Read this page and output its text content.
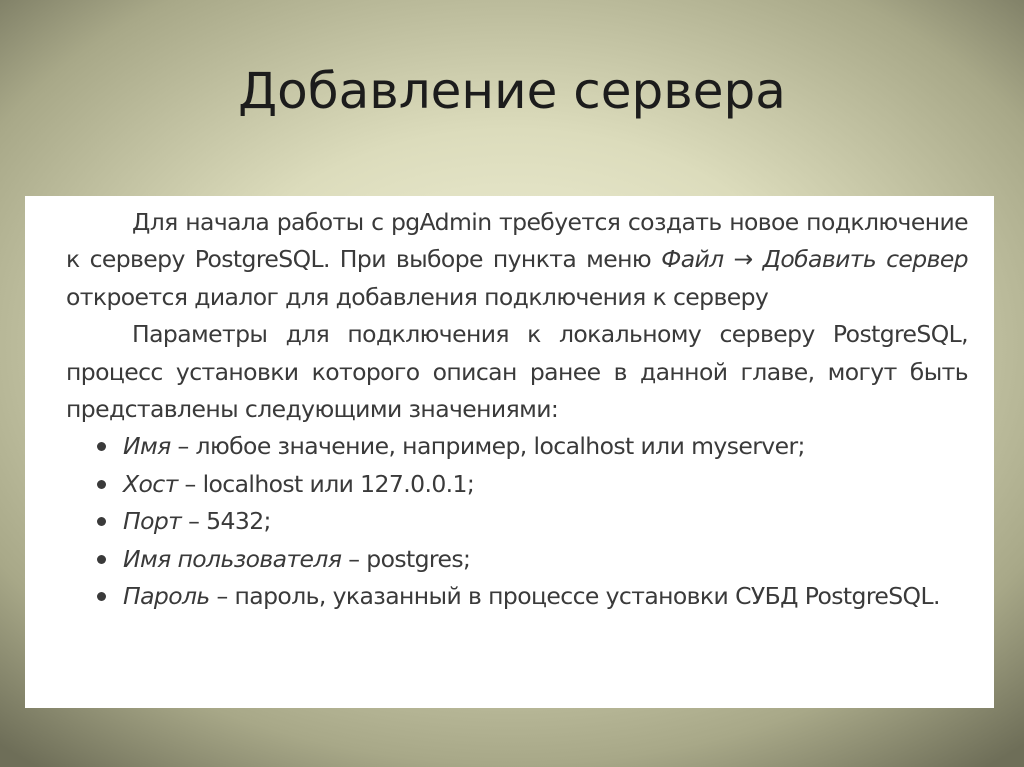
Добавление сервера

Для начала работы с pgAdmin требуется создать новое подключение к серверу PostgreSQL. При выборе пункта меню Файл → Добавить сервер откроется диалог для добавления подключения к серверу

Параметры для подключения к локальному серверу PostgreSQL, процесс установки которого описан ранее в данной главе, могут быть представлены следующими значениями:

Имя – любое значение, например, localhost или myserver;
Хост – localhost или 127.0.0.1;
Порт – 5432;
Имя пользователя – postgres;
Пароль – пароль, указанный в процессе установки СУБД PostgreSQL.
